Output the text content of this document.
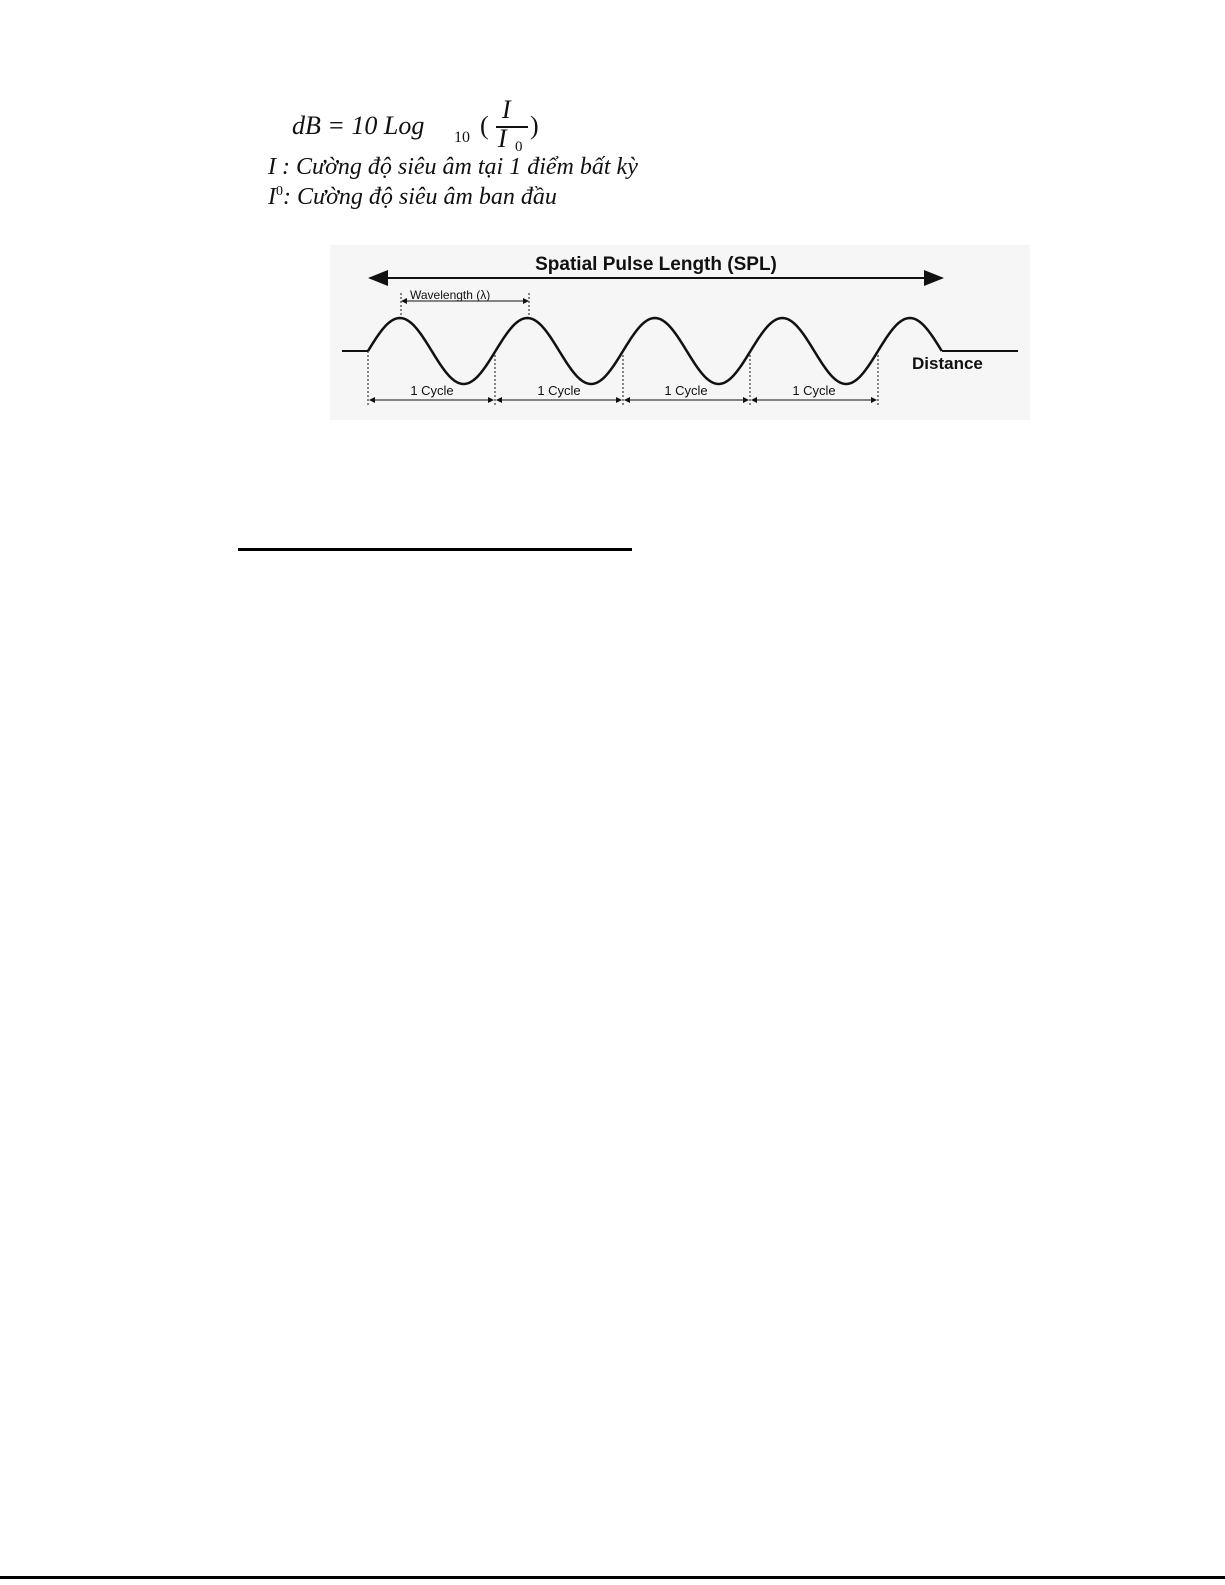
dB = 10 Log 10 (
I
I 0
)
I : Cường độ siêu âm tại 1 điểm bất kỳ
$I^0$: Cường độ siêu âm ban đầu
Spatial Pulse Length (SPL)
Wavelength (λ)
Distance
1 Cycle	1 Cycle	1 Cycle	1 Cycle
